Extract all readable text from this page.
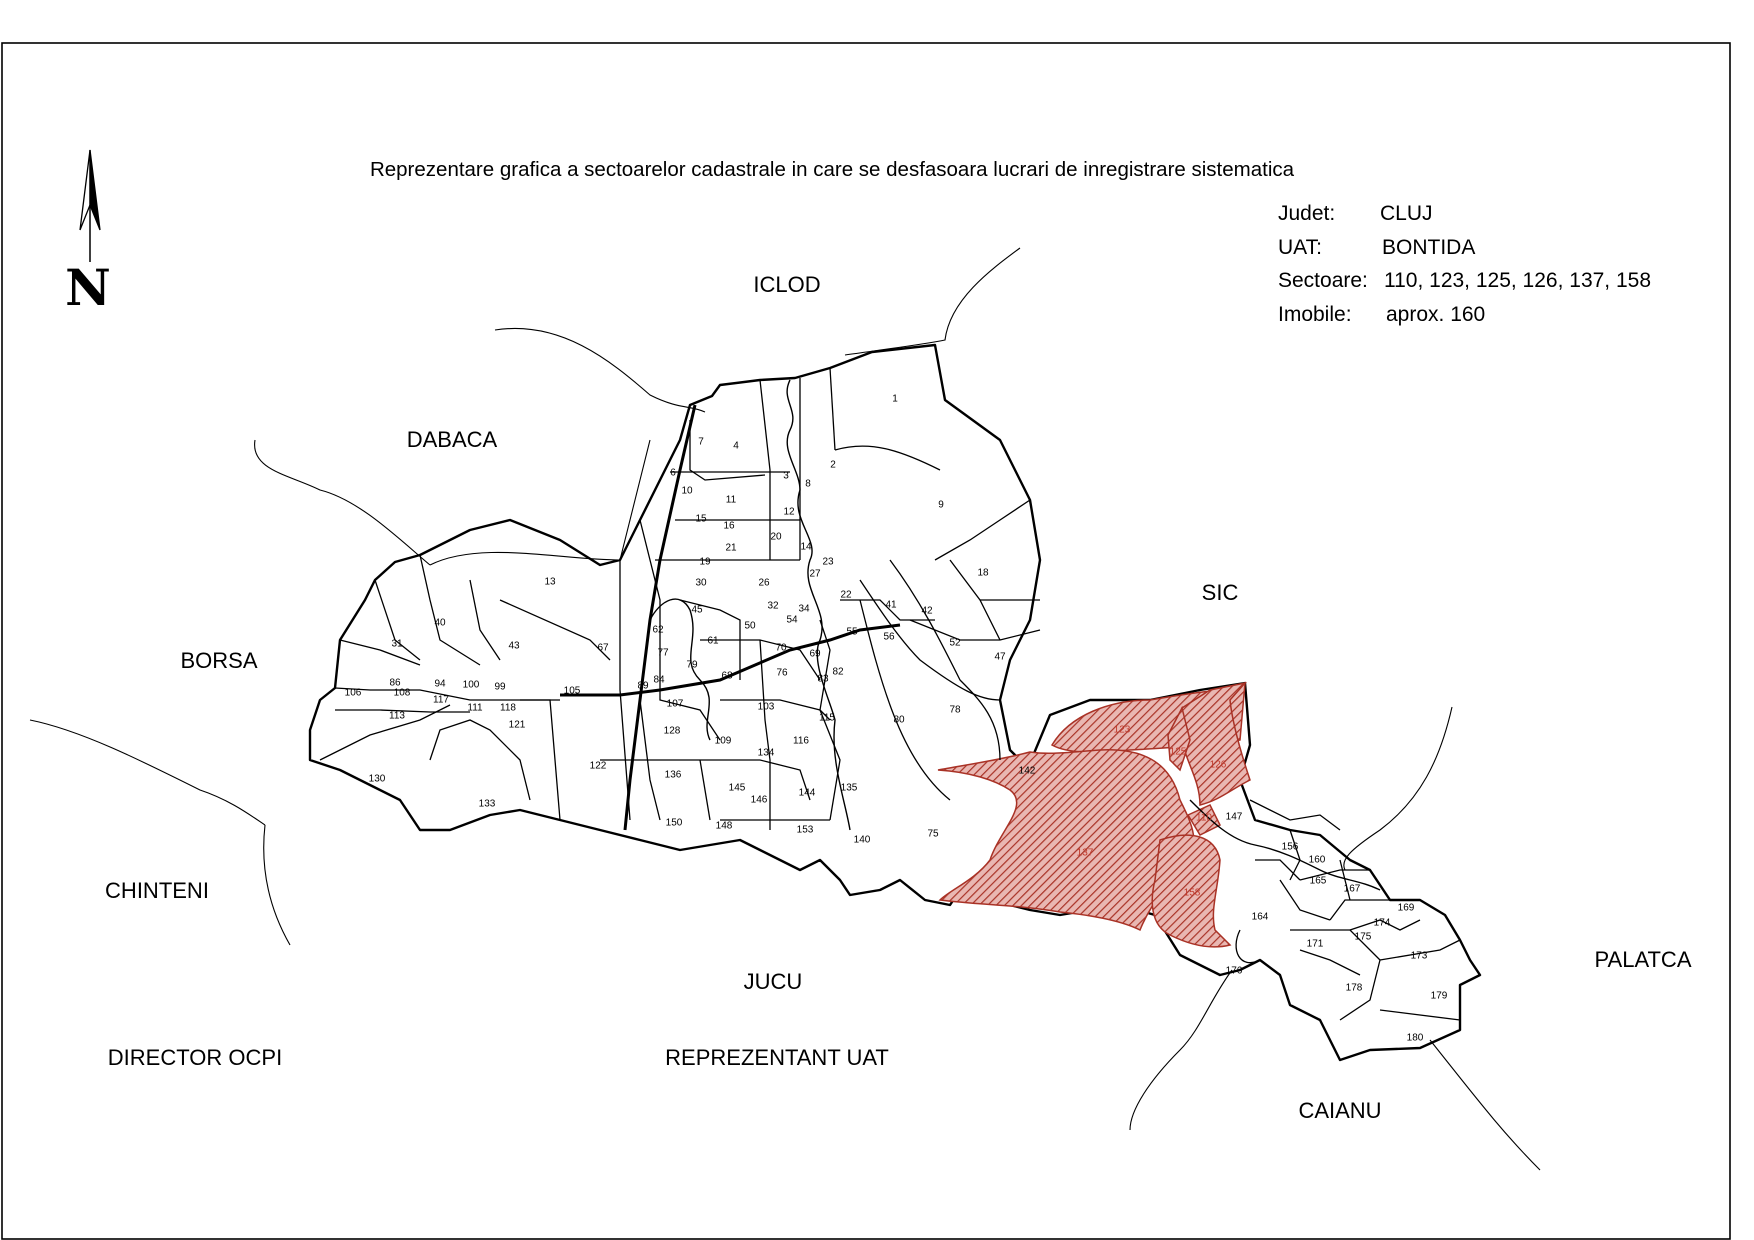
N
Reprezentare grafica a sectoarelor cadastrale in care se desfasoara lucrari de inregistrare sistematica
Judet: CLUJ
UAT:	BONTIDA
Sectoare: 110, 123, 125, 126, 137, 158
Imobile: aprox. 160
DIRECTOR OCPI	REPREZENTANT UAT
ICLOD
DABACA
SIC
BORSA
CHINTENI
JUCU
PALATCA
CAIANU
1
2
3
4
6
7
8
9
10
11
12
13
14
15
16
18
19
20
21
22
23
26
27
30
31
32 34
40
41
42
43
45
47
50
52
54
55	56
61
62
67
68
69
70
75
76
77
78
79
80
82
83
84
86	89
94	99
100
103
105
106
107
108
109
111
113	115
116
117
118
121
122
128
130
133
134
135
136
140
142
144
145
146
147
148
150
153
156
160
164
165
167
169
171
173
174
175
176
178
179
180
123
126
137
158
125
110
